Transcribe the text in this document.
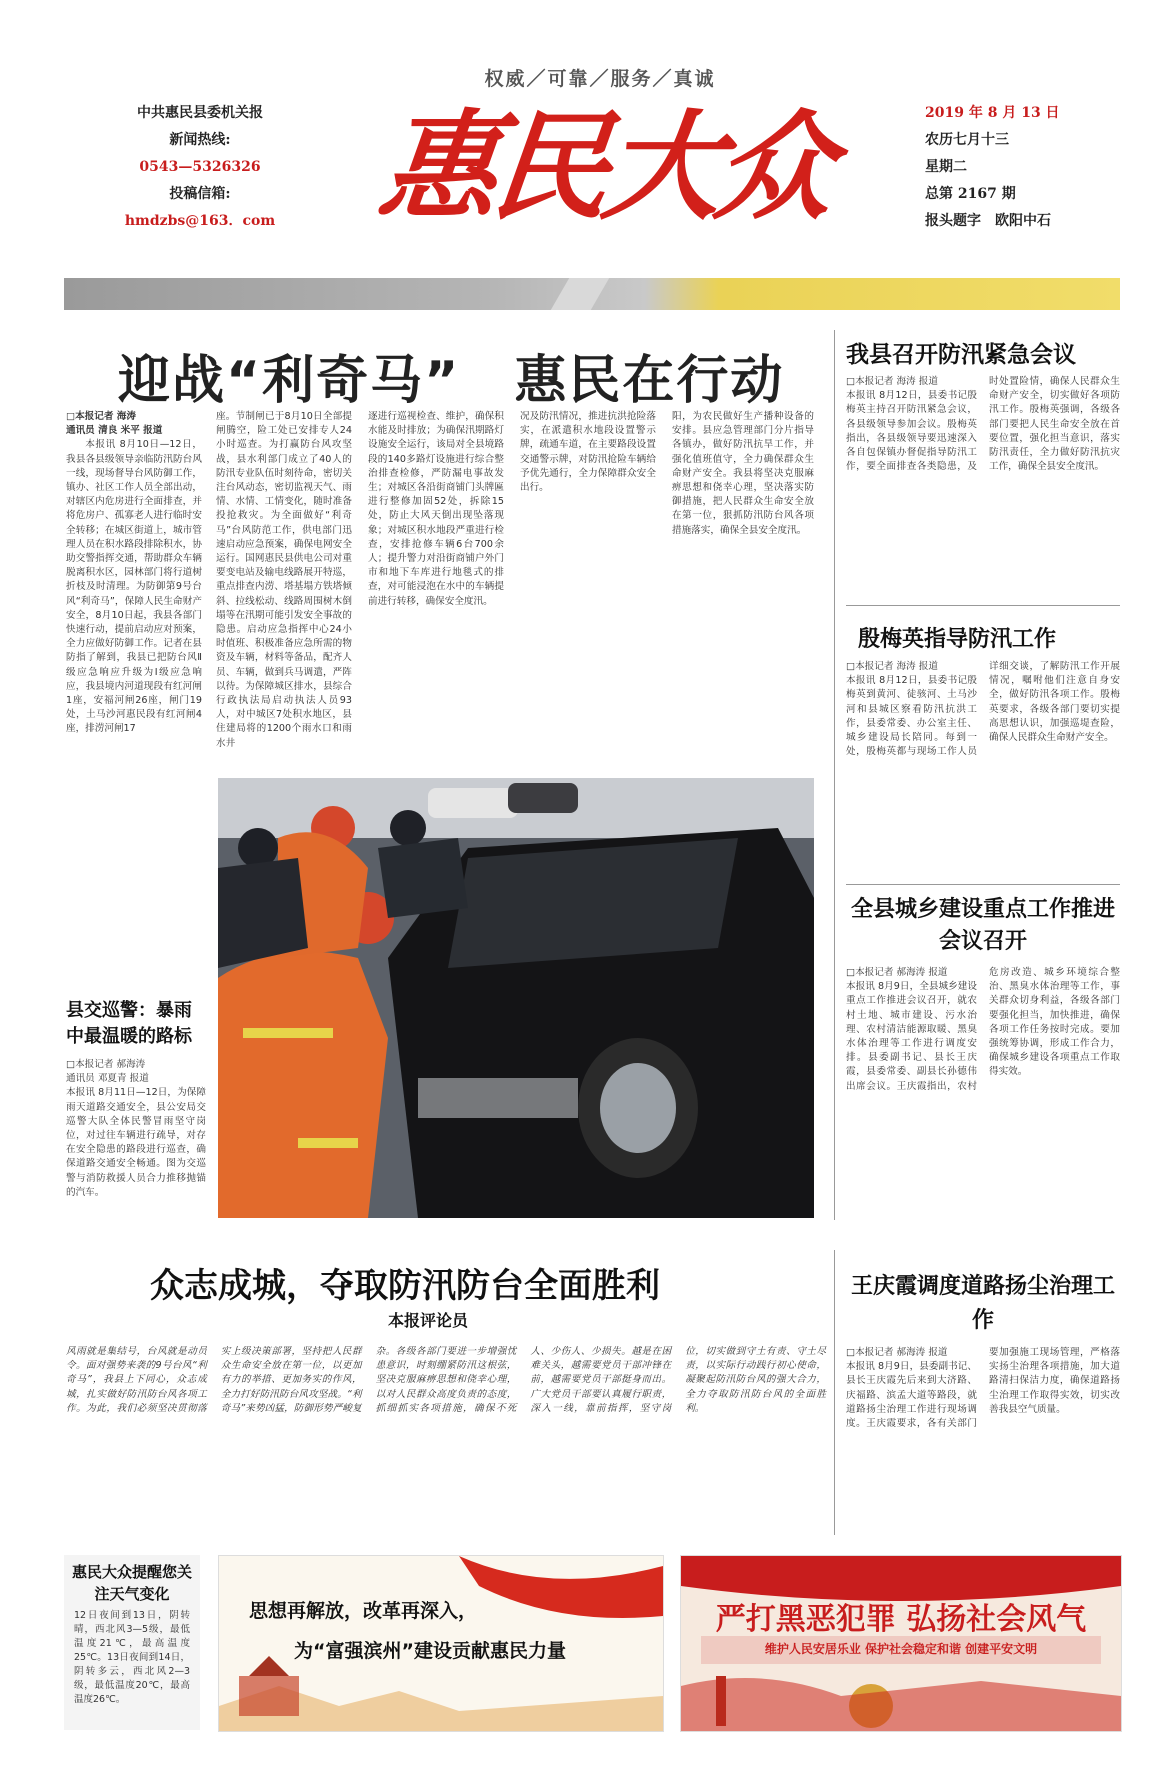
中共惠民县委机关报
新闻热线:
0543—5326326
投稿信箱:
hmdzbs@163．com
权威／可靠／服务／真诚
惠民大众	2019 年 8 月 13 日
农历七月十三
星期二
总第 2167 期
报头题字　欧阳中石
迎战“利奇马”　惠民在行动

□本报记者 海涛
通讯员 清良 米平 报道

本报讯 8月10日—12日，我县各县级领导亲临防汛防台风一线，现场督导台风防御工作，镇办、社区工作人员全部出动，对辖区内危房进行全面排查，并将危房户、孤寡老人进行临时安全转移；在城区街道上，城市管理人员在积水路段排除积水，协助交警指挥交通，帮助群众车辆脱离积水区，园林部门将行道树折枝及时清理。为防御第9号台风“利奇马”，保障人民生命财产安全，8月10日起，我县各部门快速行动，提前启动应对预案，全力应做好防御工作。记者在县防指了解到，我县已把防台风Ⅱ级应急响应升级为Ⅰ级应急响应，我县境内河道现段有红河闸1座，安福河闸26座，闸门19处，土马沙河惠民段有红河闸4座，排涝河闸17

座。节制闸已于8月10日全部提闸腾空，险工处已安排专人24小时巡查。为打赢防台风攻坚战，县水利部门成立了40人的防汛专业队伍时刻待命，密切关注台风动态，密切监视天气、雨情、水情、工情变化，随时准备投抢救灾。为全面做好“利奇马”台风防范工作，供电部门迅速启动应急预案，确保电网安全运行。国网惠民县供电公司对重要变电站及输电线路展开特巡，重点排查内涝、塔基塌方铁塔倾斜、拉线松动、线路周围树木倒塌等在汛期可能引发安全事故的隐患。启动应急指挥中心24小时值班、积极准备应急所需的物资及车辆，材料等备品，配齐人员、车辆，做到兵马调遣，严阵以待。为保障城区排水，县综合行政执法局启动执法人员93人，对中城区7处积水地区，县住建局将的1200个雨水口和雨水井

逐进行巡视检查、维护，确保积水能及时排放；为确保汛期路灯设施安全运行，该局对全县境路段的140多路灯设施进行综合整治排查检修，严防漏电事故发生；对城区各沿街商铺门头牌匾进行整修加固52处，拆除15处，防止大风天倒出现坠落现象；对城区积水地段严重进行检查，安排抢修车辆6台700余人；提升警力对沿街商铺户外门市和地下车库进行地毯式的排查，对可能浸泡在水中的车辆提前进行转移，确保安全度汛。

况及防汛情况，推进抗洪抢险落实，在派遣积水地段设置警示牌，疏通车道，在主要路段设置交通警示牌，对防汛抢险车辆给予优先通行，全力保障群众安全出行。

阳，为农民做好生产播种设备的安排。县应急管理部门分片指导各镇办，做好防汛抗旱工作，并强化值班值守，全力确保群众生命财产安全。我县将坚决克服麻痹思想和侥幸心理，坚决落实防御措施，把人民群众生命安全放在第一位，狠抓防汛防台风各项措施落实，确保全县安全度汛。

我县召开防汛紧急会议
□本报记者 海涛 报道
本报讯 8月12日，县委书记殷梅英主持召开防汛紧急会议，各县级领导参加会议。殷梅英指出，各县级领导要迅速深入各自包保镇办督促指导防汛工作，要全面排查各类隐患，及时处置险情，确保人民群众生命财产安全，切实做好各项防汛工作。殷梅英强调，各级各部门要把人民生命安全放在首要位置，强化担当意识，落实防汛责任，全力做好防汛抗灾工作，确保全县安全度汛。
殷梅英指导防汛工作
□本报记者 海涛 报道
本报讯 8月12日，县委书记殷梅英到黄河、徒骇河、土马沙河和县城区察看防汛抗洪工作，县委常委、办公室主任、城乡建设局长陪同。每到一处，殷梅英都与现场工作人员详细交谈，了解防汛工作开展情况，嘱咐他们注意自身安全，做好防汛各项工作。殷梅英要求，各级各部门要切实提高思想认识，加强巡堤查险，确保人民群众生命财产安全。
全县城乡建设重点工作推进会议召开
□本报记者 郝海涛 报道
本报讯 8月9日，全县城乡建设重点工作推进会议召开，就农村土地、城市建设、污水治理、农村清洁能源取暖、黑臭水体治理等工作进行调度安排。县委副书记、县长王庆霞，县委常委、副县长孙德伟出席会议。王庆霞指出，农村危房改造、城乡环境综合整治、黑臭水体治理等工作，事关群众切身利益，各级各部门要强化担当，加快推进，确保各项工作任务按时完成。要加强统筹协调，形成工作合力，确保城乡建设各项重点工作取得实效。
县交巡警：暴雨中最温暖的路标
□本报记者 郝海涛
通讯员 邓夏青 报道
本报讯 8月11日—12日，为保障雨天道路交通安全，县公安局交巡警大队全体民警冒雨坚守岗位，对过往车辆进行疏导，对存在安全隐患的路段进行巡查，确保道路交通安全畅通。图为交巡警与消防救援人员合力推移抛锚的汽车。
众志成城，夺取防汛防台全面胜利
本报评论员
风雨就是集结号，台风就是动员令。面对强势来袭的9号台风“利奇马”，我县上下同心，众志成城，扎实做好防汛防台风各项工作。为此，我们必须坚决贯彻落实上级决策部署，坚持把人民群众生命安全放在第一位，以更加有力的举措、更加务实的作风，全力打好防汛防台风攻坚战。“利奇马”来势凶猛，防御形势严峻复杂。各级各部门要进一步增强忧患意识，时刻绷紧防汛这根弦，坚决克服麻痹思想和侥幸心理，以对人民群众高度负责的态度，抓细抓实各项措施，确保不死人、少伤人、少损失。越是在困难关头，越需要党员干部冲锋在前，越需要党员干部挺身而出。广大党员干部要认真履行职责，深入一线，靠前指挥，坚守岗位，切实做到守土有责、守土尽责，以实际行动践行初心使命，凝聚起防汛防台风的强大合力，全力夺取防汛防台风的全面胜利。
王庆霞调度道路扬尘治理工作
□本报记者 郝海涛 报道
本报讯 8月9日，县委副书记、县长王庆霞先后来到大济路、庆福路、滨孟大道等路段，就道路扬尘治理工作进行现场调度。王庆霞要求，各有关部门要加强施工现场管理，严格落实扬尘治理各项措施，加大道路清扫保洁力度，确保道路扬尘治理工作取得实效，切实改善我县空气质量。
惠民大众提醒您关注天气变化
12日夜间到13日，阴转晴，西北风3—5级，最低温度21℃，最高温度25℃。13日夜间到14日，阴转多云，西北风2—3级，最低温度20℃，最高温度26℃。
思想再解放，改革再深入，
为“富强滨州”建设贡献惠民力量
严打黑恶犯罪 弘扬社会风气
维护人民安居乐业 保护社会稳定和谐 创建平安文明
